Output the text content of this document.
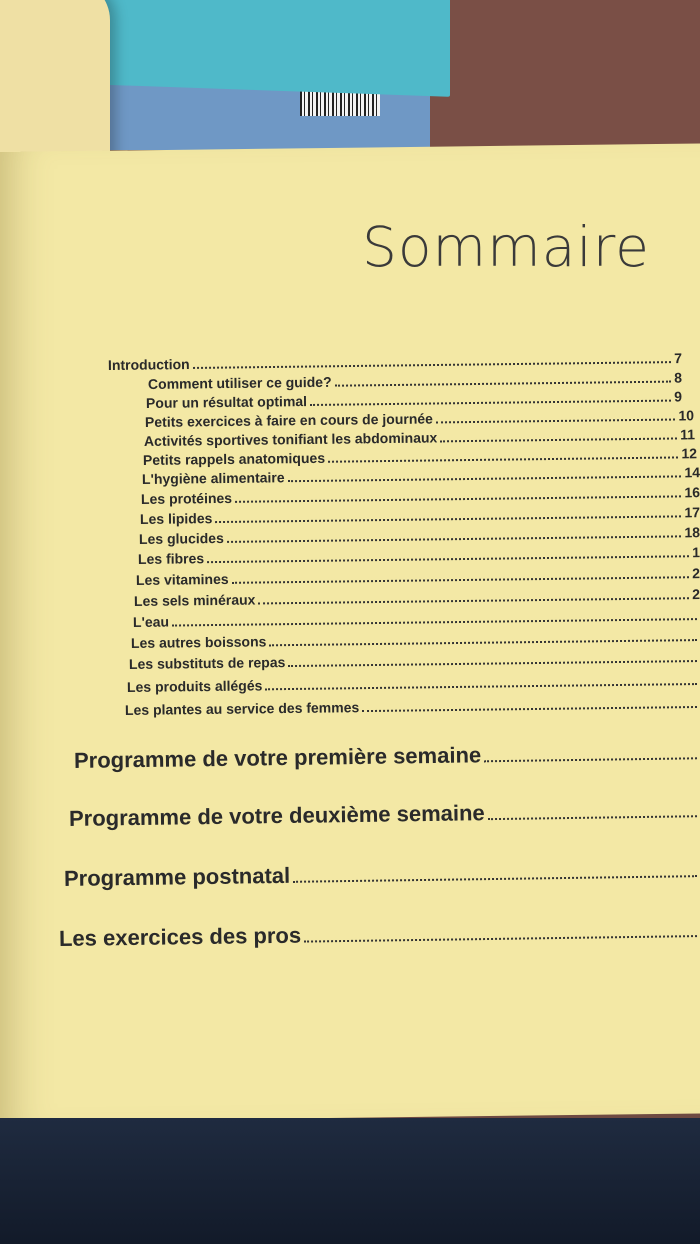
Sommaire
Introduction	7
Comment utiliser ce guide?	8
Pour un résultat optimal	9
Petits exercices à faire en cours de journée	10
Activités sportives tonifiant les abdominaux	11
Petits rappels anatomiques	12
L'hygiène alimentaire	14
Les protéines	16
Les lipides	17
Les glucides	18
Les fibres	1
Les vitamines	2
Les sels minéraux	2
L'eau
Les autres boissons
Les substituts de repas
Les produits allégés
Les plantes au service des femmes
Programme de votre première semaine
Programme de votre deuxième semaine
Programme postnatal
Les exercices des pros
